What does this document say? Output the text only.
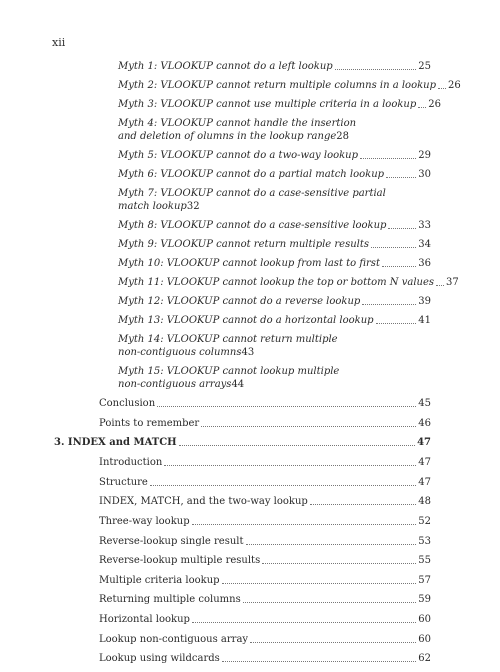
xii
Myth 1: VLOOKUP cannot do a left lookup	25
Myth 2: VLOOKUP cannot return multiple columns in a lookup 26
Myth 3: VLOOKUP cannot use multiple criteria in a lookup 26
Myth 4: VLOOKUP cannot handle the insertion
and deletion of olumns in the lookup range 28
Myth 5: VLOOKUP cannot do a two-way lookup	29
Myth 6: VLOOKUP cannot do a partial match lookup	30
Myth 7: VLOOKUP cannot do a case-sensitive partial
match lookup 32
Myth 8: VLOOKUP cannot do a case-sensitive lookup	33
Myth 9: VLOOKUP cannot return multiple results	34
Myth 10: VLOOKUP cannot lookup from last to first	36
Myth 11: VLOOKUP cannot lookup the top or bottom N values 37
Myth 12: VLOOKUP cannot do a reverse lookup	39
Myth 13: VLOOKUP cannot do a horizontal lookup	41
Myth 14: VLOOKUP cannot return multiple
non-contiguous columns 43
Myth 15: VLOOKUP cannot lookup multiple
non-contiguous arrays 44
Conclusion	45
Points to remember	46
3. INDEX and MATCH	47
Introduction	47
Structure	47
INDEX, MATCH, and the two-way lookup	48
Three-way lookup	52
Reverse-lookup single result	53
Reverse-lookup multiple results	55
Multiple criteria lookup	57
Returning multiple columns	59
Horizontal lookup	60
Lookup non-contiguous array	60
Lookup using wildcards	62
